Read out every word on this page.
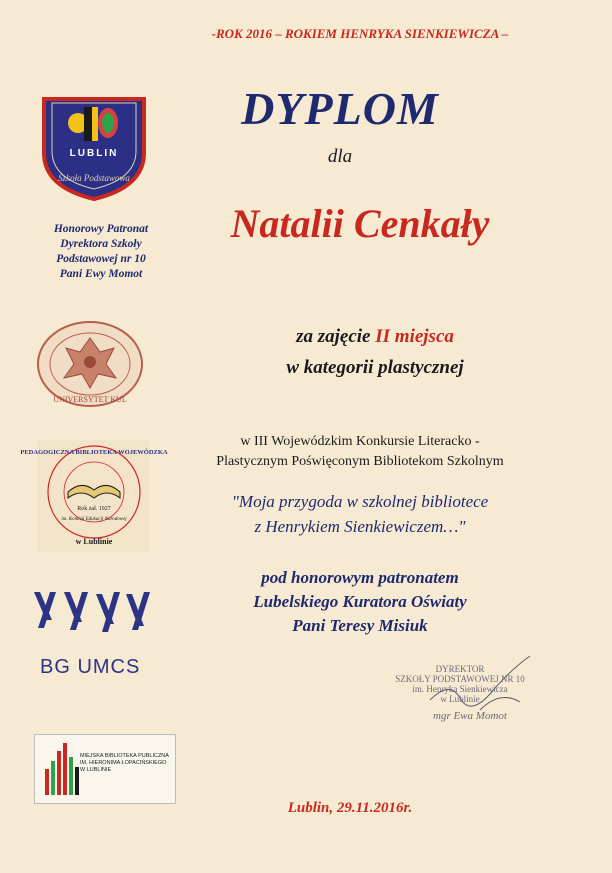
-ROK 2016 – ROKIEM HENRYKA SIENKIEWICZA –
DYPLOM
dla
Natalii Cenkały
za zajęcie II miejsca
w kategorii plastycznej
w III Wojewódzkim Konkursie Literacko -
Plastycznym Poświęconym Bibliotekom Szkolnym
"Moja przygoda w szkolnej bibliotece
z Henrykiem Sienkiewiczem…"
pod honorowym patronatem
Lubelskiego Kuratora Oświaty
Pani Teresy Misiuk
Honorowy Patronat
Dyrektora Szkoły
Podstawowej nr 10
Pani Ewy Momot
LUBLIN
Szkoła Podstawowa
UNIVERSYTET KUL
PEDAGOGICZNA BIBLIOTEKA WOJEWÓDZKA
Rok zał. 1927
im. Komisji Edukacji Narodowej
w Lublinie
BG UMCS
MIEJSKA BIBLIOTEKA PUBLICZNA
IM. HIERONIMA ŁOPACIŃSKIEGO
W LUBLINIE
DYREKTOR
SZKOŁY PODSTAWOWEJ NR 10
im. Henryka Sienkiewicza
w Lublinie
mgr Ewa Momot
Lublin, 29.11.2016r.
